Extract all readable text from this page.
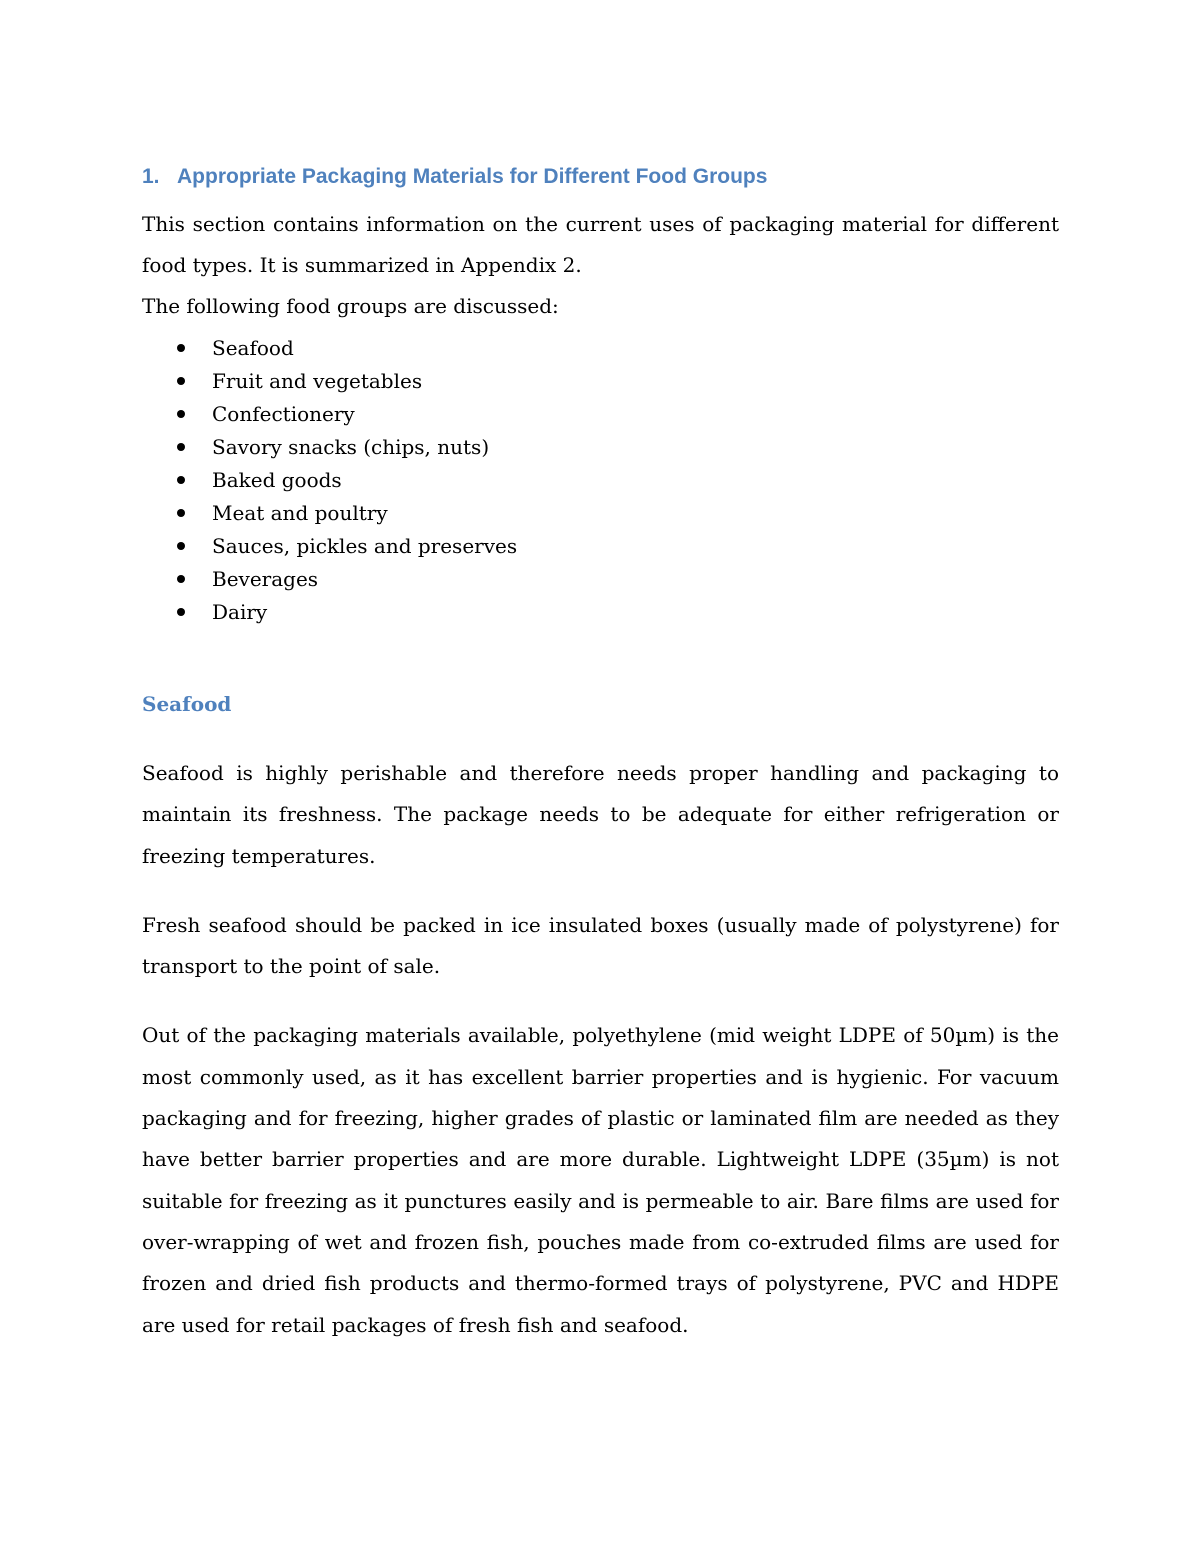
1. Appropriate Packaging Materials for Different Food Groups

This section contains information on the current uses of packaging material for different food types. It is summarized in Appendix 2.

The following food groups are discussed:

Seafood
Fruit and vegetables
Confectionery
Savory snacks (chips, nuts)
Baked goods
Meat and poultry
Sauces, pickles and preserves
Beverages
Dairy
Seafood

Seafood is highly perishable and therefore needs proper handling and packaging to maintain its freshness. The package needs to be adequate for either refrigeration or freezing temperatures.

Fresh seafood should be packed in ice insulated boxes (usually made of polystyrene) for transport to the point of sale.

Out of the packaging materials available, polyethylene (mid weight LDPE of 50µm) is the most commonly used, as it has excellent barrier properties and is hygienic. For vacuum packaging and for freezing, higher grades of plastic or laminated film are needed as they have better barrier properties and are more durable. Lightweight LDPE (35µm) is not suitable for freezing as it punctures easily and is permeable to air. Bare films are used for over-wrapping of wet and frozen fish, pouches made from co-extruded films are used for frozen and dried fish products and thermo-formed trays of polystyrene, PVC and HDPE are used for retail packages of fresh fish and seafood.
